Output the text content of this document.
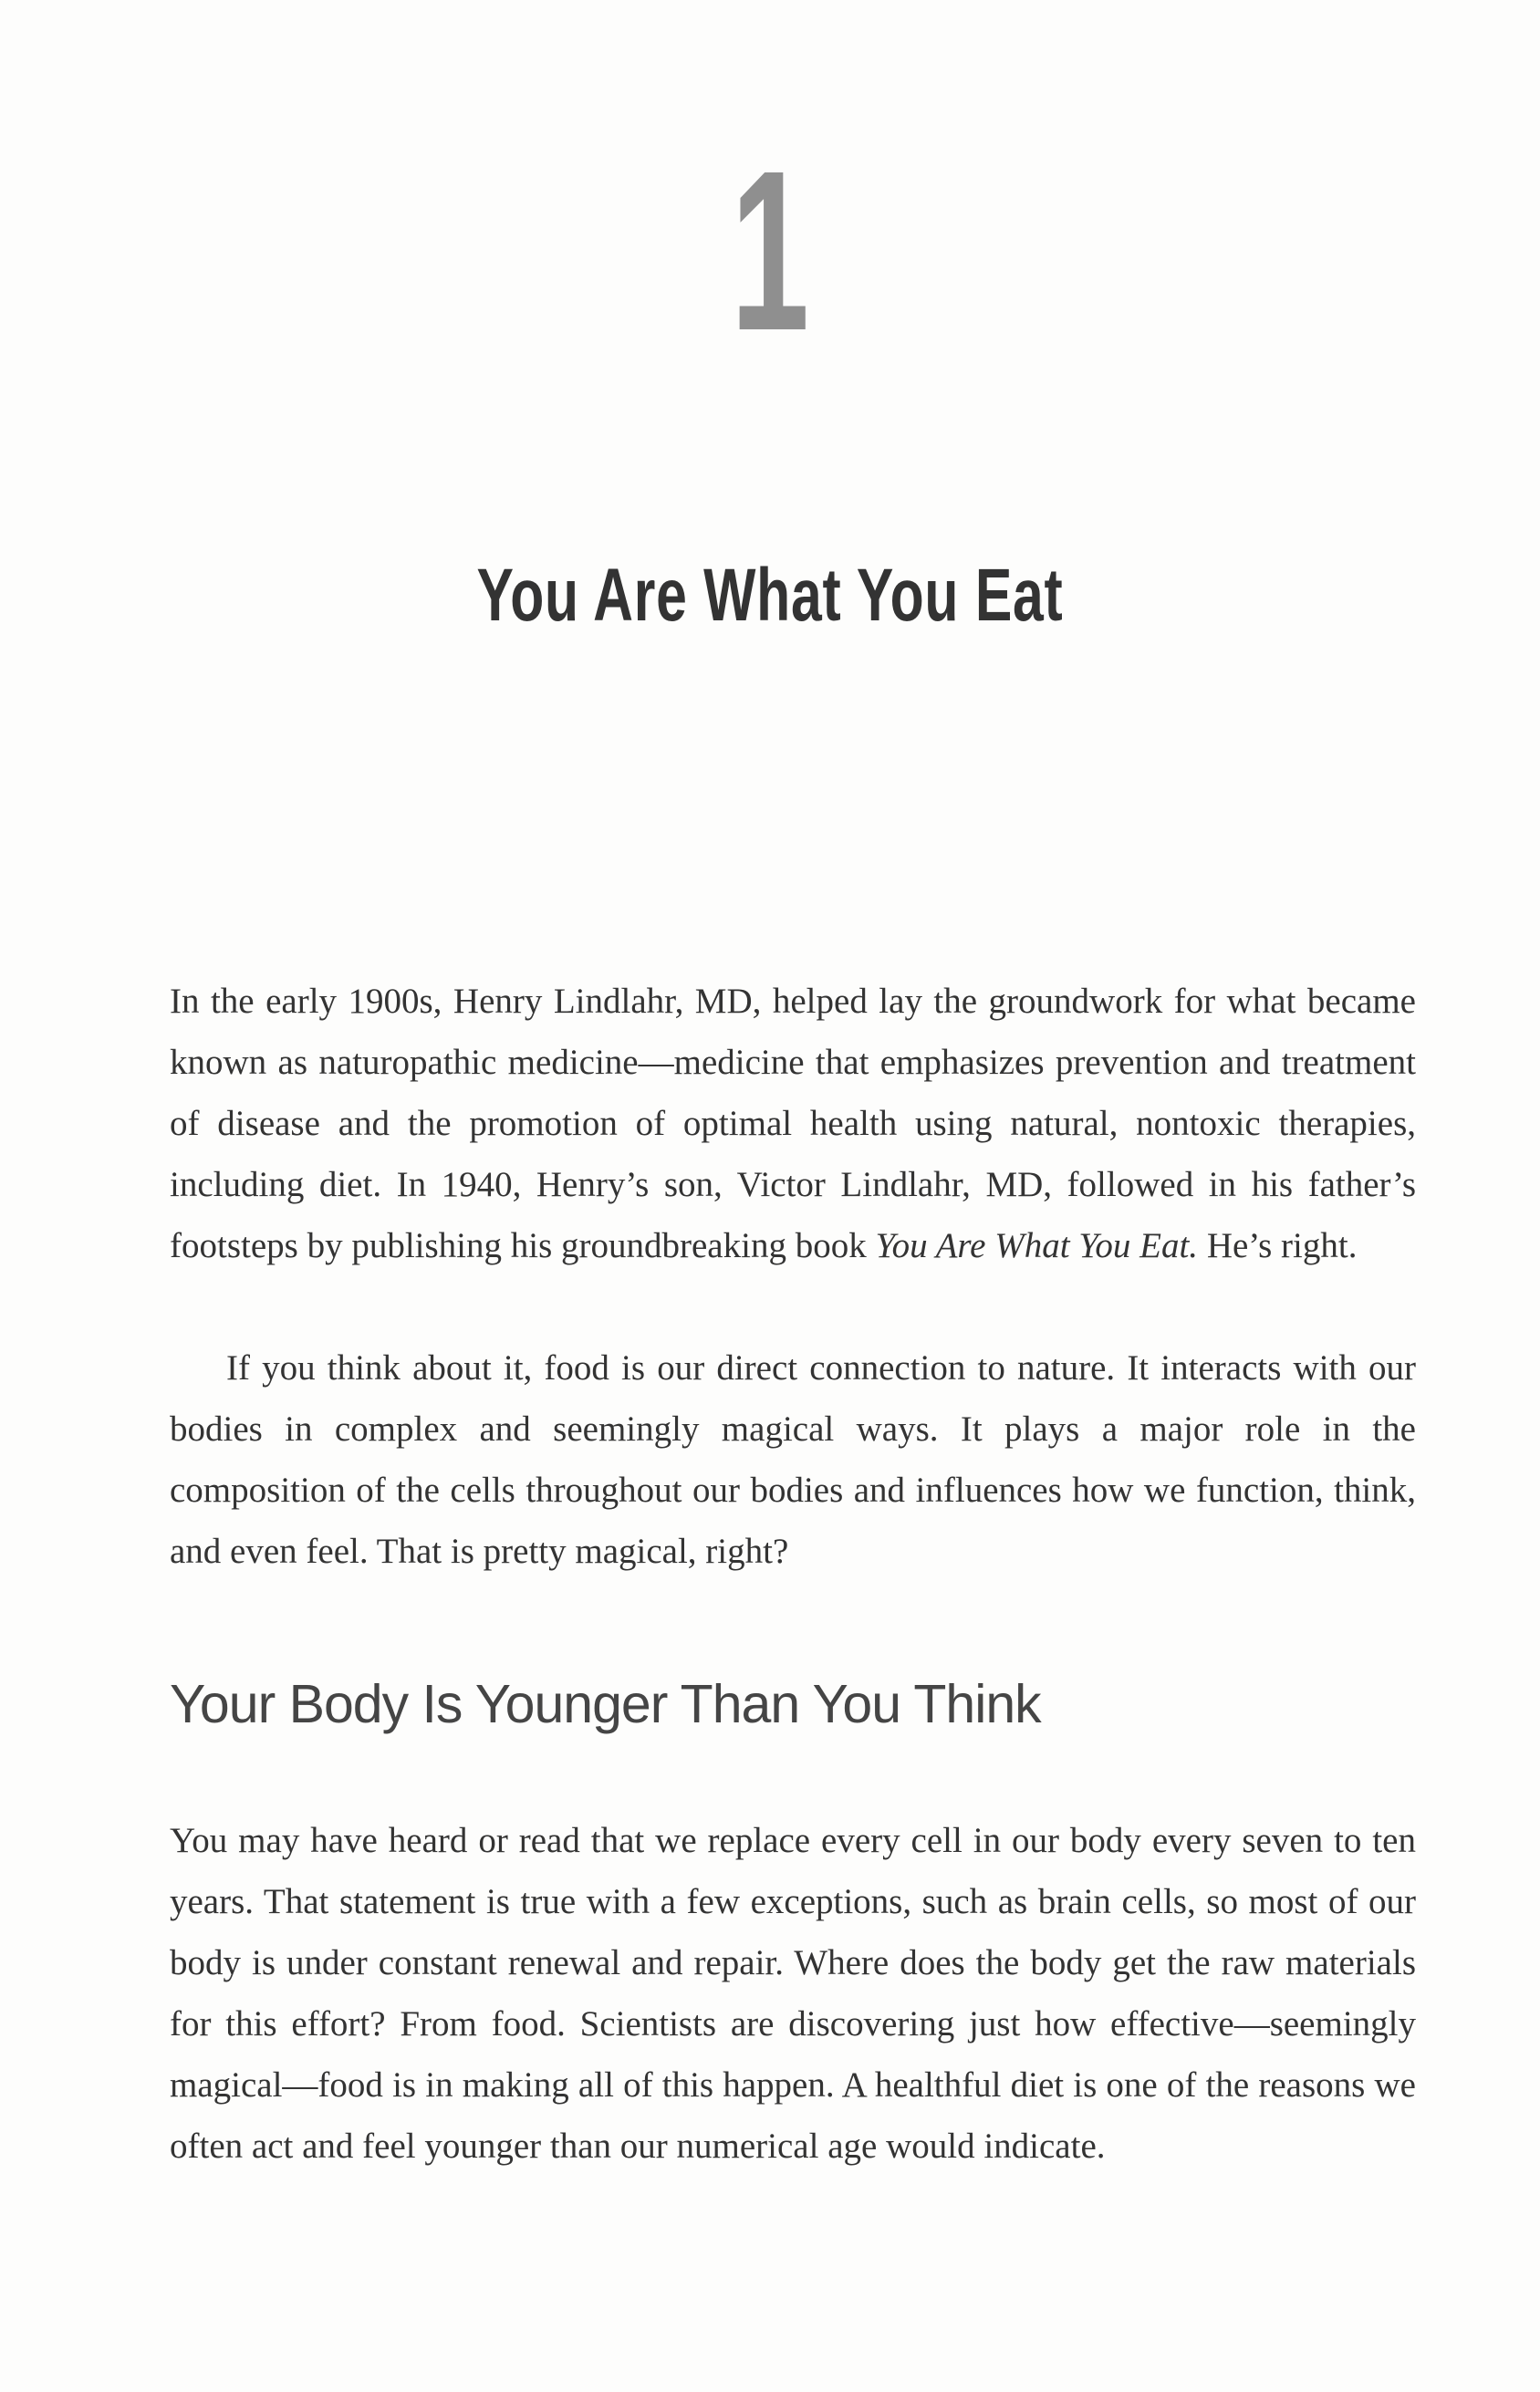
1
You Are What You Eat

In the early 1900s, Henry Lindlahr, MD, helped lay the groundwork for what became known as naturopathic medicine—medicine that emphasizes prevention and treatment of disease and the promotion of optimal health using natural, nontoxic therapies, including diet. In 1940, Henry’s son, Victor Lindlahr, MD, followed in his father’s footsteps by publishing his groundbreaking book You Are What You Eat. He’s right.

If you think about it, food is our direct connection to nature. It interacts with our bodies in complex and seemingly magical ways. It plays a major role in the composition of the cells throughout our bodies and influences how we function, think, and even feel. That is pretty magical, right?

Your Body Is Younger Than You Think

You may have heard or read that we replace every cell in our body every seven to ten years. That statement is true with a few exceptions, such as brain cells, so most of our body is under constant renewal and repair. Where does the body get the raw materials for this effort? From food. Scientists are discovering just how effective—seemingly magical—food is in making all of this happen. A healthful diet is one of the reasons we often act and feel younger than our numerical age would indicate.
